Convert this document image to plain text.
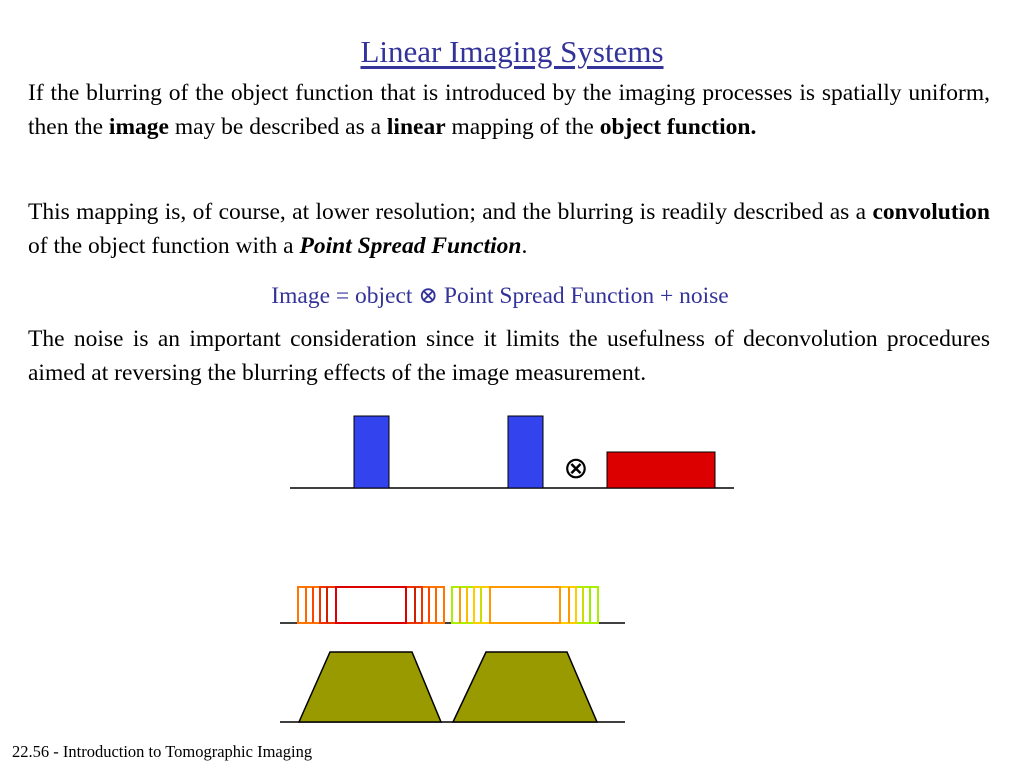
Linear Imaging Systems

If the blurring of the object function that is introduced by the imaging processes is spatially uniform, then the image may be described as a linear mapping of the object function.

This mapping is, of course, at lower resolution; and the blurring is readily described as a convolution of the object function with a Point Spread Function.

Image = object ⊗ Point Spread Function + noise

The noise is an important consideration since it limits the usefulness of deconvolution procedures aimed at reversing the blurring effects of the image measurement.

⊗
22.56 - Introduction to Tomographic Imaging
